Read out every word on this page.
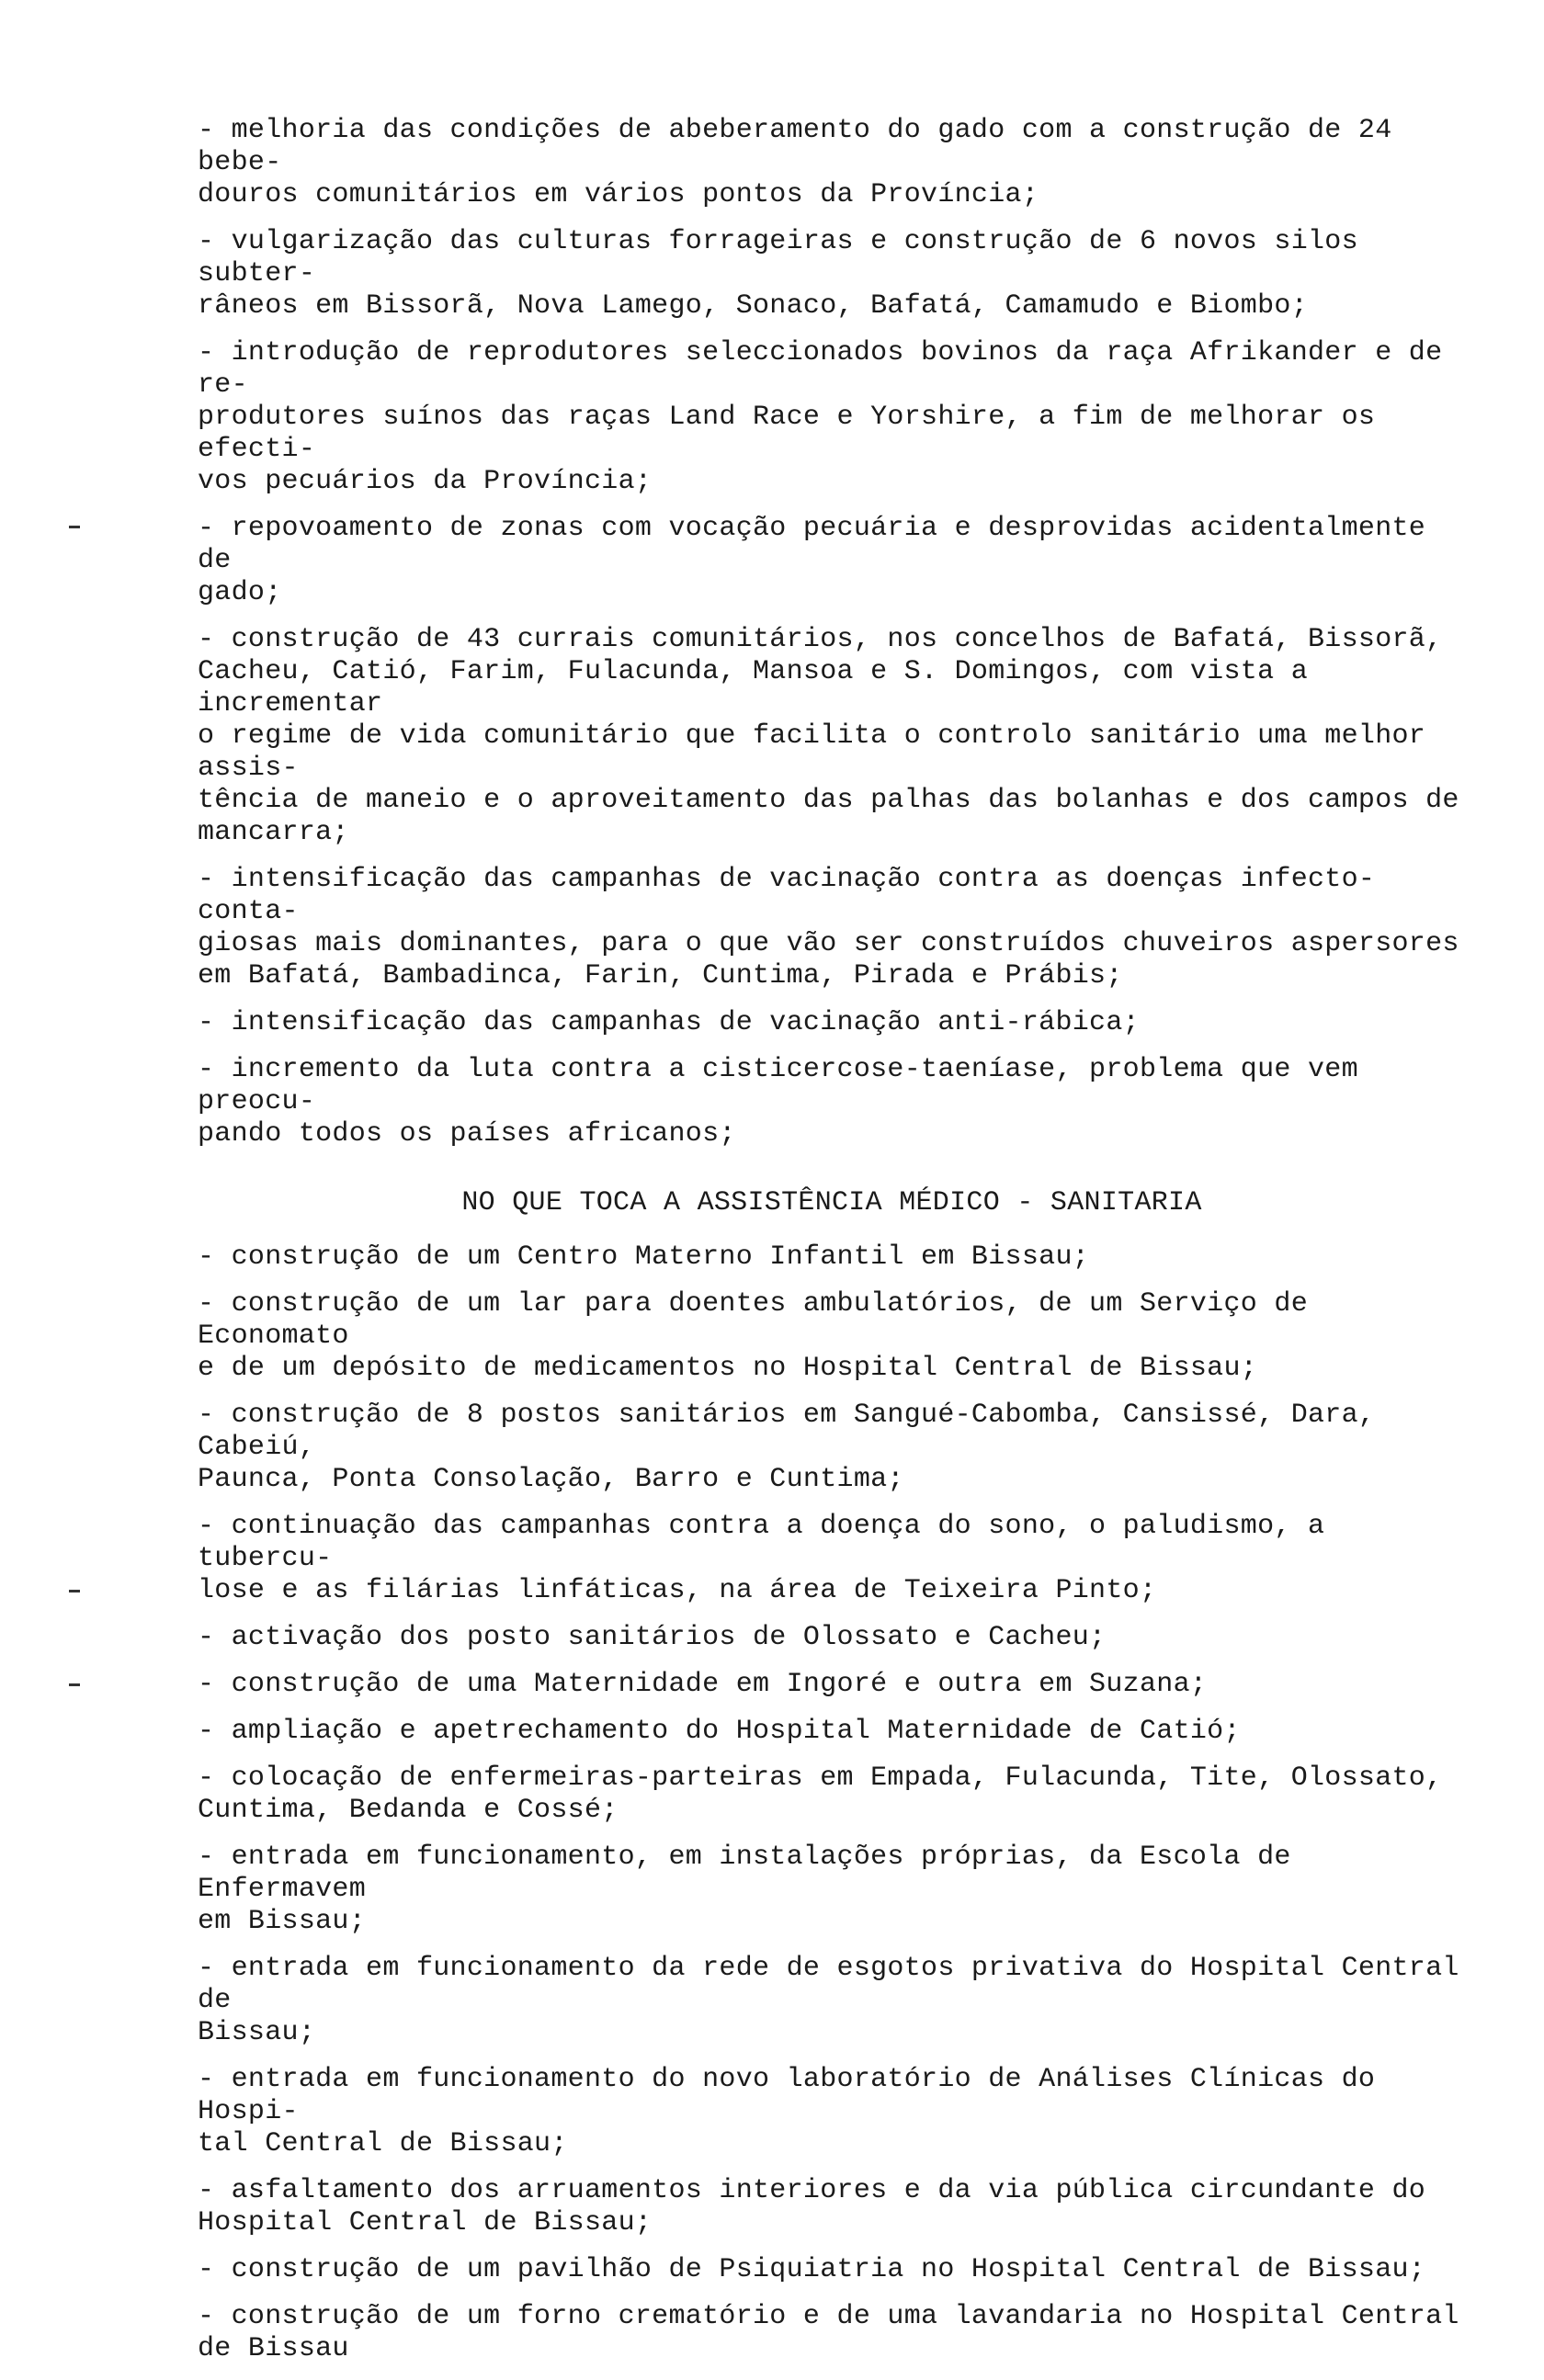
- melhoria das condições de abeberamento do gado com a construção de 24 bebe-
douros comunitários em vários pontos da Província;

- vulgarização das culturas forrageiras e construção de 6 novos silos subter-
râneos em Bissorã, Nova Lamego, Sonaco, Bafatá, Camamudo e Biombo;

- introdução de reprodutores seleccionados bovinos da raça Afrikander e de re-
produtores suínos das raças Land Race e Yorshire, a fim de melhorar os efecti-
vos pecuários da Província;

- repovoamento de zonas com vocação pecuária e desprovidas acidentalmente de
gado;

- construção de 43 currais comunitários, nos concelhos de Bafatá, Bissorã,
Cacheu, Catió, Farim, Fulacunda, Mansoa e S. Domingos, com vista a incrementar
o regime de vida comunitário que facilita o controlo sanitário uma melhor assis-
tência de maneio e o aproveitamento das palhas das bolanhas e dos campos de
mancarra;

- intensificação das campanhas de vacinação contra as doenças infecto-conta-
giosas mais dominantes, para o que vão ser construídos chuveiros aspersores
em Bafatá, Bambadinca, Farin, Cuntima, Pirada e Prábis;

- intensificação das campanhas de vacinação anti-rábica;

- incremento da luta contra a cisticercose-taeníase, problema que vem preocu-
pando todos os países africanos;

NO QUE TOCA A ASSISTÊNCIA MÉDICO - SANITARIA

- construção de um Centro Materno Infantil em Bissau;

- construção de um lar para doentes ambulatórios, de um Serviço de Economato
e de um depósito de medicamentos no Hospital Central de Bissau;

- construção de 8 postos sanitários em Sangué-Cabomba, Cansissé, Dara, Cabeiú,
Paunca, Ponta Consolação, Barro e Cuntima;

- continuação das campanhas contra a doença do sono, o paludismo, a tubercu-
lose e as filárias linfáticas, na área de Teixeira Pinto;

- activação dos posto sanitários de Olossato e Cacheu;

- construção de uma Maternidade em Ingoré e outra em Suzana;

- ampliação e apetrechamento do Hospital Maternidade de Catió;

- colocação de enfermeiras-parteiras em Empada, Fulacunda, Tite, Olossato,
Cuntima, Bedanda e Cossé;

- entrada em funcionamento, em instalações próprias, da Escola de Enfermavem
em Bissau;

- entrada em funcionamento da rede de esgotos privativa do Hospital Central de
Bissau;

- entrada em funcionamento do novo laboratório de Análises Clínicas do Hospi-
tal Central de Bissau;

- asfaltamento dos arruamentos interiores e da via pública circundante do
Hospital Central de Bissau;

- construção de um pavilhão de Psiquiatria no Hospital Central de Bissau;

- construção de um forno crematório e de uma lavandaria no Hospital Central
de Bissau
